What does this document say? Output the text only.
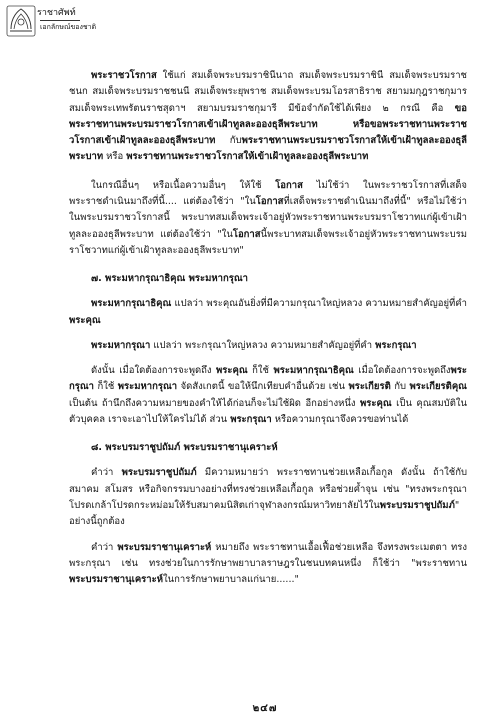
ราชาศัพท์
เอกลักษณ์ของชาติ

พระราชวโรกาส ใช้แก่ สมเด็จพระบรมราชินีนาถ สมเด็จพระบรมราชินี สมเด็จพระบรมราชชนก สมเด็จพระบรมราชชนนี สมเด็จพระยุพราช สมเด็จพระบรมโอรสาธิราช สยามมกุฎราชกุมาร สมเด็จพระเทพรัตนราชสุดาฯ สยามบรมราชกุมารี มีข้อจำกัดใช้ได้เพียง ๒ กรณี คือ ขอพระราชทานพระบรมราชวโรกาสเข้าเฝ้าทูลละอองธุลีพระบาท หรือขอพระราชทานพระราชวโรกาสเข้าเฝ้าทูลละอองธุลีพระบาท กับพระราชทานพระบรมราชวโรกาสให้เข้าเฝ้าทูลละอองธุลีพระบาท หรือ พระราชทานพระราชวโรกาสให้เข้าเฝ้าทูลละอองธุลีพระบาท

ในกรณีอื่นๆ หรือเนื้อความอื่นๆ ให้ใช้ โอกาส ไม่ใช้ว่า ในพระราชวโรกาสที่เสด็จพระราชดำเนินมาถึงที่นี้.... แต่ต้องใช้ว่า "ในโอกาสที่เสด็จพระราชดำเนินมาถึงที่นี้" หรือไม่ใช้ว่า ในพระบรมราชวโรกาสนี้ พระบาทสมเด็จพระเจ้าอยู่หัวพระราชทานพระบรมราโชวาทแก่ผู้เข้าเฝ้าทูลละอองธุลีพระบาท แต่ต้องใช้ว่า "ในโอกาสนี้พระบาทสมเด็จพระเจ้าอยู่หัวพระราชทานพระบรมราโชวาทแก่ผู้เข้าเฝ้าทูลละอองธุลีพระบาท"

๗. พระมหากรุณาธิคุณ พระมหากรุณา

พระมหากรุณาธิคุณ แปลว่า พระคุณอันยิ่งที่มีความกรุณาใหญ่หลวง ความหมายสำคัญอยู่ที่คำ พระคุณ

พระมหากรุณา แปลว่า พระกรุณาใหญ่หลวง ความหมายสำคัญอยู่ที่คำ พระกรุณา

ดังนั้น เมื่อใดต้องการจะพูดถึง พระคุณ ก็ใช้ พระมหากรุณาธิคุณ เมื่อใดต้องการจะพูดถึงพระกรุณา ก็ใช้ พระมหากรุณา จัดสังเกตนี้ ขอให้นึกเทียบคำอื่นด้วย เช่น พระเกียรติ กับ พระเกียรติคุณ เป็นต้น ถ้านึกถึงความหมายของคำให้ได้ก่อนก็จะไม่ใช้ผิด อีกอย่างหนึ่ง พระคุณ เป็น คุณสมบัติในตัวบุคคล เราจะเอาไปให้ใครไม่ได้ ส่วน พระกรุณา หรือความกรุณาจึงควรขอท่านได้

๘. พระบรมราชูปถัมภ์ พระบรมราชานุเคราะห์

คำว่า พระบรมราชูปถัมภ์ มีความหมายว่า พระราชทานช่วยเหลือเกื้อกูล ดังนั้น ถ้าใช้กับสมาคม สโมสร หรือกิจกรรมบางอย่างที่ทรงช่วยเหลือเกื้อกูล หรือช่วยค้ำจุน เช่น "ทรงพระกรุณาโปรดเกล้าโปรดกระหม่อมให้รับสมาคมนิสิตเก่าจุฬาลงกรณ์มหาวิทยาลัยไว้ในพระบรมราชูปถัมภ์" อย่างนี้ถูกต้อง

คำว่า พระบรมราชานุเคราะห์ หมายถึง พระราชทานเอื้อเฟื้อช่วยเหลือ จึงทรงพระเมตตา ทรงพระกรุณา เช่น ทรงช่วยในการรักษาพยาบาลราษฎรในชนบทคนหนึ่ง ก็ใช้ว่า "พระราชทานพระบรมราชานุเคราะห์ในการรักษาพยาบาลแก่นาย......"

๒๔๗
